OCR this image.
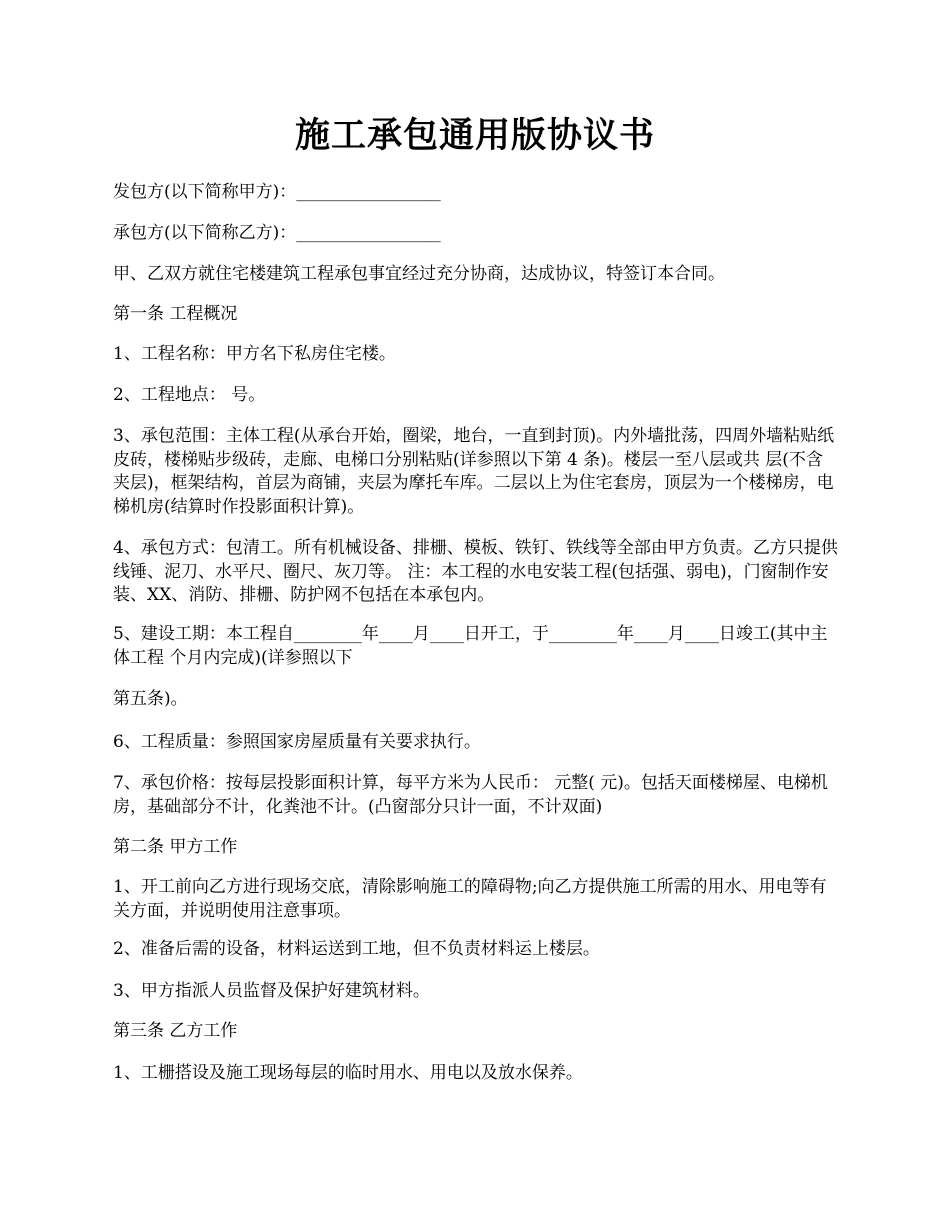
施工承包通用版协议书

发包方(以下简称甲方)：_________________

承包方(以下简称乙方)：_________________

甲、乙双方就住宅楼建筑工程承包事宜经过充分协商，达成协议，特签订本合同。

第一条 工程概况

1、工程名称：甲方名下私房住宅楼。

2、工程地点： 号。

3、承包范围：主体工程(从承台开始，圈梁，地台，一直到封顶)。内外墙批荡，四周外墙粘贴纸皮砖，楼梯贴步级砖，走廊、电梯口分别粘贴(详参照以下第 4 条)。楼层一至八层或共 层(不含夹层)，框架结构，首层为商铺，夹层为摩托车库。二层以上为住宅套房，顶层为一个楼梯房，电梯机房(结算时作投影面积计算)。

4、承包方式：包清工。所有机械设备、排栅、模板、铁钉、铁线等全部由甲方负责。乙方只提供线锤、泥刀、水平尺、圈尺、灰刀等。 注：本工程的水电安装工程(包括强、弱电)，门窗制作安装、XX、消防、排栅、防护网不包括在本承包内。

5、建设工期：本工程自________年____月____日开工，于________年____月____日竣工(其中主体工程 个月内完成)(详参照以下

第五条)。

6、工程质量：参照国家房屋质量有关要求执行。

7、承包价格：按每层投影面积计算，每平方米为人民币： 元整( 元)。包括天面楼梯屋、电梯机房，基础部分不计，化粪池不计。(凸窗部分只计一面，不计双面)

第二条 甲方工作

1、开工前向乙方进行现场交底，清除影响施工的障碍物;向乙方提供施工所需的用水、用电等有关方面，并说明使用注意事项。

2、准备后需的设备，材料运送到工地，但不负责材料运上楼层。

3、甲方指派人员监督及保护好建筑材料。

第三条 乙方工作

1、工栅搭设及施工现场每层的临时用水、用电以及放水保养。
